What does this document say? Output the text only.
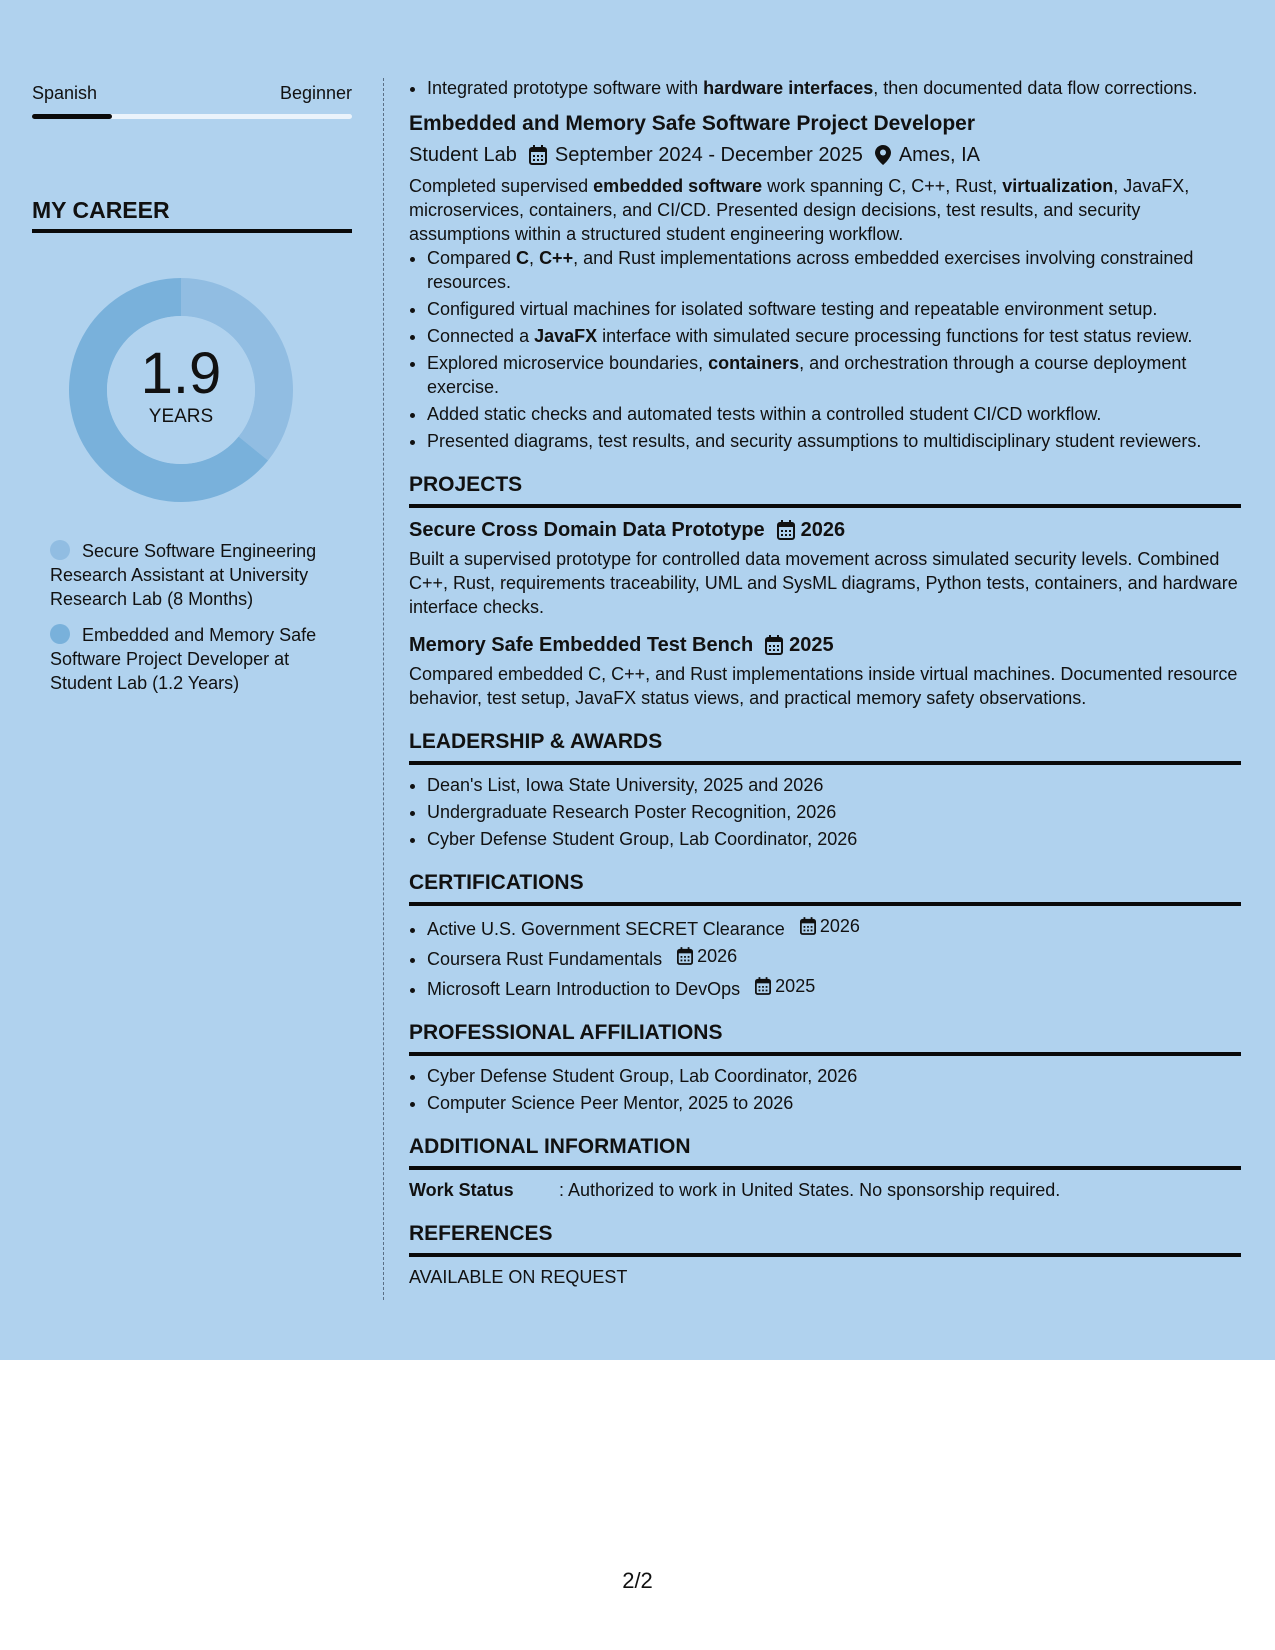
Spanish	Beginner
MY CAREER
1.9
YEARS
Secure Software Engineering Research Assistant at University Research Lab (8 Months)
Embedded and Memory Safe Software Project Developer at Student Lab (1.2 Years)
• Integrated prototype software with hardware interfaces, then documented data flow corrections.
Embedded and Memory Safe Software Project Developer
Student Lab September 2024 - December 2025 Ames, IA
Completed supervised embedded software work spanning C, C++, Rust, virtualization, JavaFX, microservices, containers, and CI/CD. Presented design decisions, test results, and security assumptions within a structured student engineering workflow.
• Compared C, C++, and Rust implementations across embedded exercises involving constrained resources.
• Configured virtual machines for isolated software testing and repeatable environment setup.
• Connected a JavaFX interface with simulated secure processing functions for test status review.
• Explored microservice boundaries, containers, and orchestration through a course deployment exercise.
• Added static checks and automated tests within a controlled student CI/CD workflow.
• Presented diagrams, test results, and security assumptions to multidisciplinary student reviewers.
PROJECTS
Secure Cross Domain Data Prototype 2026
Built a supervised prototype for controlled data movement across simulated security levels. Combined C++, Rust, requirements traceability, UML and SysML diagrams, Python tests, containers, and hardware interface checks.
Memory Safe Embedded Test Bench 2025
Compared embedded C, C++, and Rust implementations inside virtual machines. Documented resource behavior, test setup, JavaFX status views, and practical memory safety observations.
LEADERSHIP & AWARDS
• Dean's List, Iowa State University, 2025 and 2026
• Undergraduate Research Poster Recognition, 2026
• Cyber Defense Student Group, Lab Coordinator, 2026
CERTIFICATIONS
• Active U.S. Government SECRET Clearance 2026
• Coursera Rust Fundamentals 2026
• Microsoft Learn Introduction to DevOps 2025
PROFESSIONAL AFFILIATIONS
• Cyber Defense Student Group, Lab Coordinator, 2026
• Computer Science Peer Mentor, 2025 to 2026
ADDITIONAL INFORMATION
Work Status	: Authorized to work in United States. No sponsorship required.
REFERENCES
AVAILABLE ON REQUEST
2/2
